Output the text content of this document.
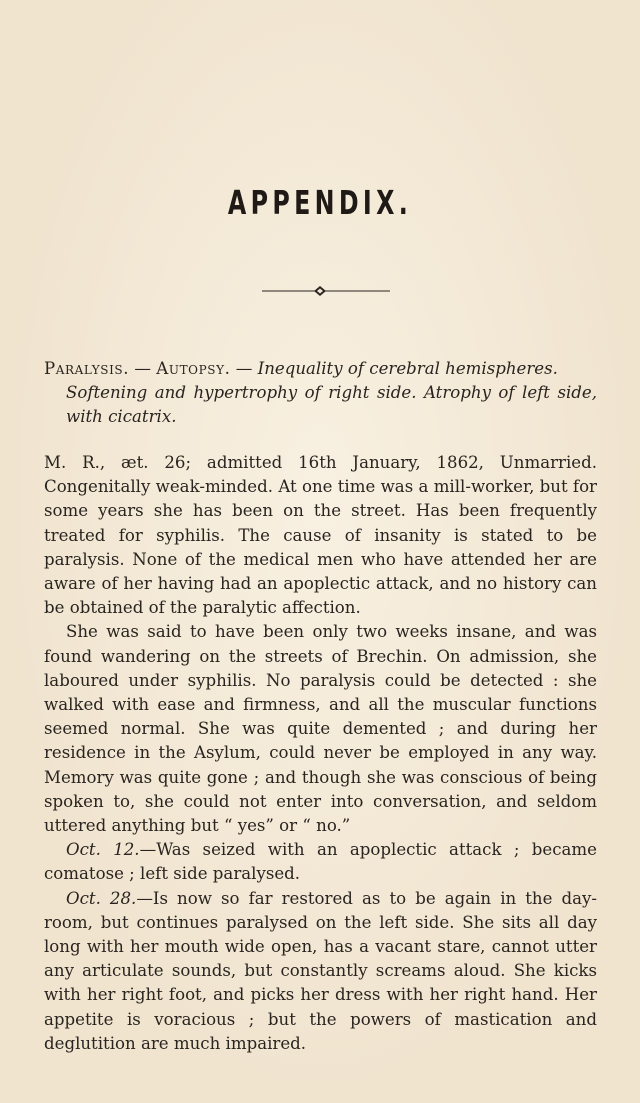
APPENDIX.
Paralysis. — Autopsy. — Inequality of cerebral hemispheres.
Softening and hypertrophy of right side. Atrophy of left side, with cicatrix.

M. R., æt. 26; admitted 16th January, 1862, Unmarried. Congenitally weak-minded. At one time was a mill-worker, but for some years she has been on the street. Has been frequently treated for syphilis. The cause of insanity is stated to be paralysis. None of the medical men who have attended her are aware of her having had an apoplectic attack, and no history can be obtained of the paralytic affection.

She was said to have been only two weeks insane, and was found wandering on the streets of Brechin. On admission, she laboured under syphilis. No paralysis could be detected : she walked with ease and firmness, and all the muscular functions seemed normal. She was quite demented ; and during her residence in the Asylum, could never be employed in any way. Memory was quite gone ; and though she was conscious of being spoken to, she could not enter into conversation, and seldom uttered anything but “ yes” or “ no.”

Oct. 12.—Was seized with an apoplectic attack ; became comatose ; left side paralysed.

Oct. 28.—Is now so far restored as to be again in the day-room, but continues paralysed on the left side. She sits all day long with her mouth wide open, has a vacant stare, cannot utter any articulate sounds, but constantly screams aloud. She kicks with her right foot, and picks her dress with her right hand. Her appetite is voracious ; but the powers of mastication and deglutition are much impaired.
